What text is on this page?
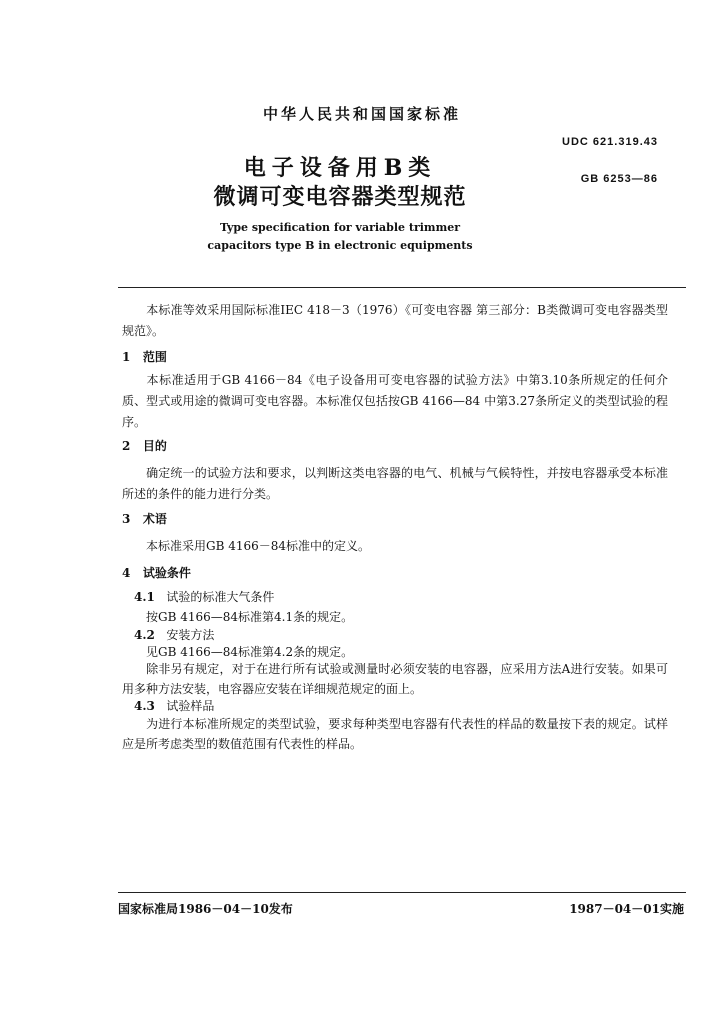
中华人民共和国国家标准
UDC 621.319.43
GB 6253—86
电子设备用B类
微调可变电容器类型规范
Type specification for variable trimmer
capacitors type B in electronic equipments
本标准等效采用国际标准IEC 418－3（1976）《可变电容器 第三部分：B类微调可变电容器类型规范》。
1 范围
本标准适用于GB 4166－84《电子设备用可变电容器的试验方法》中第3.10条所规定的任何介质、型式或用途的微调可变电容器。本标准仅包括按GB 4166—84 中第3.27条所定义的类型试验的程序。
2 目的
确定统一的试验方法和要求，以判断这类电容器的电气、机械与气候特性，并按电容器承受本标准所述的条件的能力进行分类。
3 术语
本标准采用GB 4166－84标准中的定义。
4 试验条件
4.1 试验的标准大气条件
按GB 4166—84标准第4.1条的规定。
4.2 安装方法
见GB 4166—84标准第4.2条的规定。
除非另有规定，对于在进行所有试验或测量时必须安装的电容器，应采用方法A进行安装。如果可用多种方法安装，电容器应安装在详细规范规定的面上。
4.3 试验样品
为进行本标准所规定的类型试验，要求每种类型电容器有代表性的样品的数量按下表的规定。试样应是所考虑类型的数值范围有代表性的样品。
国家标准局1986－04－10发布	1987－04－01实施
